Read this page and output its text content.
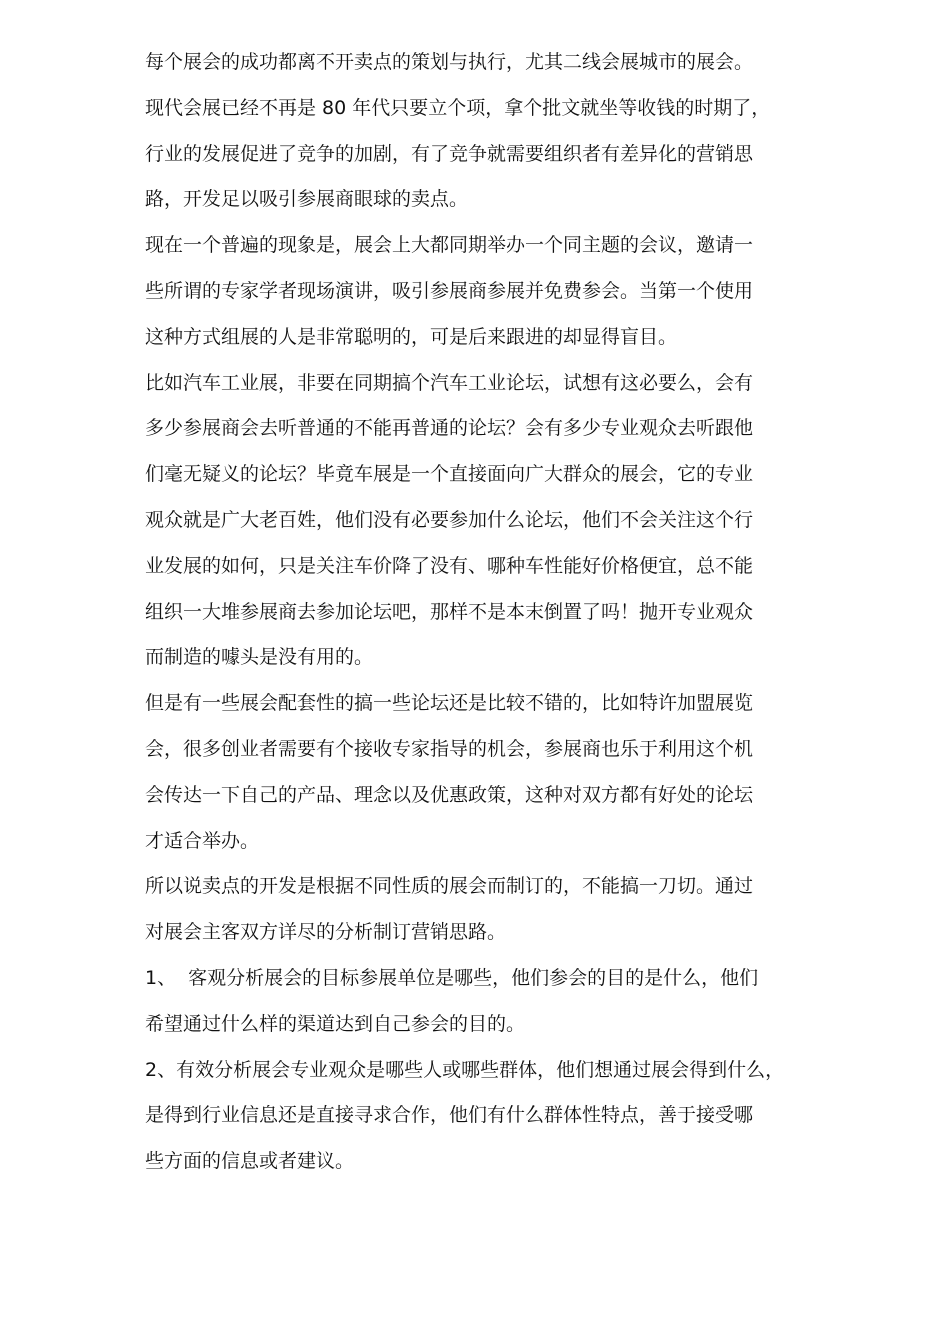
每个展会的成功都离不开卖点的策划与执行，尤其二线会展城市的展会。
现代会展已经不再是 80 年代只要立个项，拿个批文就坐等收钱的时期了，
行业的发展促进了竞争的加剧，有了竞争就需要组织者有差异化的营销思
路，开发足以吸引参展商眼球的卖点。
现在一个普遍的现象是，展会上大都同期举办一个同主题的会议，邀请一
些所谓的专家学者现场演讲，吸引参展商参展并免费参会。当第一个使用
这种方式组展的人是非常聪明的，可是后来跟进的却显得盲目。
比如汽车工业展，非要在同期搞个汽车工业论坛，试想有这必要么，会有
多少参展商会去听普通的不能再普通的论坛？会有多少专业观众去听跟他
们毫无疑义的论坛？毕竟车展是一个直接面向广大群众的展会，它的专业
观众就是广大老百姓，他们没有必要参加什么论坛，他们不会关注这个行
业发展的如何，只是关注车价降了没有、哪种车性能好价格便宜，总不能
组织一大堆参展商去参加论坛吧，那样不是本末倒置了吗！抛开专业观众
而制造的噱头是没有用的。
但是有一些展会配套性的搞一些论坛还是比较不错的，比如特许加盟展览
会，很多创业者需要有个接收专家指导的机会，参展商也乐于利用这个机
会传达一下自己的产品、理念以及优惠政策，这种对双方都有好处的论坛
才适合举办。
所以说卖点的开发是根据不同性质的展会而制订的，不能搞一刀切。通过
对展会主客双方详尽的分析制订营销思路。
1、  客观分析展会的目标参展单位是哪些，他们参会的目的是什么，他们
希望通过什么样的渠道达到自己参会的目的。
2、有效分析展会专业观众是哪些人或哪些群体，他们想通过展会得到什么，
是得到行业信息还是直接寻求合作，他们有什么群体性特点，善于接受哪
些方面的信息或者建议。
